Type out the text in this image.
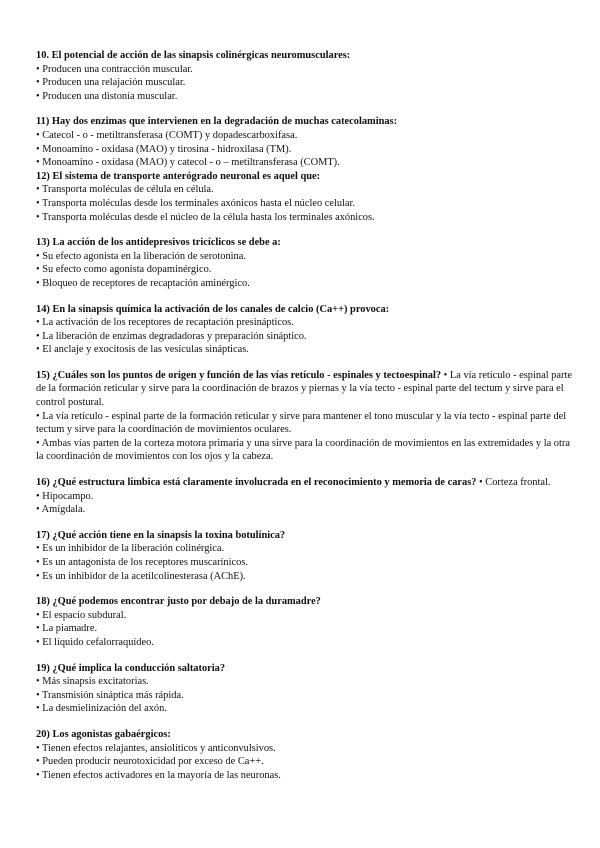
10. El potencial de acción de las sinapsis colinérgicas neuromusculares:
• Producen una contracción muscular.
• Producen una relajación muscular.
• Producen una distonía muscular.
11) Hay dos enzimas que intervienen en la degradación de muchas catecolaminas:
• Catecol - o - metiltransferasa (COMT) y dopadescarboxifasa.
• Monoamino - oxidasa (MAO) y tirosina - hidroxilasa (TM).
• Monoamino - oxidasa (MAO) y catecol - o – metiltransferasa (COMT).
12) El sistema de transporte anterógrado neuronal es aquel que:
• Transporta moléculas de célula en célula.
• Transporta moléculas desde los terminales axónicos hasta el núcleo celular.
• Transporta moléculas desde el núcleo de la célula hasta los terminales axónicos.
13) La acción de los antidepresivos tricíclicos se debe a:
• Su efecto agonista en la liberación de serotonina.
• Su efecto como agonista dopaminérgico.
• Bloqueo de receptores de recaptación aminérgico.
14) En la sinapsis química la activación de los canales de calcio (Ca++) provoca:
• La activación de los receptores de recaptación presinápticos.
• La liberación de enzimas degradadoras y preparación sináptico.
• El anclaje y exocitosis de las vesículas sinápticas.
15) ¿Cuáles son los puntos de origen y función de las vías retículo - espinales y tectoespinal? • La vía retículo - espinal parte de la formación reticular y sirve para la coordinación de brazos y piernas y la vía tecto - espinal parte del tectum y sirve para el control postural.
• La vía retículo - espinal parte de la formación reticular y sirve para mantener el tono muscular y la vía tecto - espinal parte del tectum y sirve para la coordinación de movimientos oculares.
• Ambas vías parten de la corteza motora primaria y una sirve para la coordinación de movimientos en las extremidades y la otra la coordinación de movimientos con los ojos y la cabeza.
16) ¿Qué estructura límbica está claramente involucrada en el reconocimiento y memoria de caras? • Corteza frontal.
• Hipocampo.
• Amígdala.
17) ¿Qué acción tiene en la sinapsis la toxina botulínica?
• Es un inhibidor de la liberación colinérgica.
• Es un antagonista de los receptores muscarínicos.
• Es un inhibidor de la acetilcolinesterasa (AChE).
18) ¿Qué podemos encontrar justo por debajo de la duramadre?
• El espacio subdural.
• La piamadre.
• El líquido cefalorraquídeo.
19) ¿Qué implica la conducción saltatoria?
• Más sinapsis excitatorias.
• Transmisión sináptica más rápida.
• La desmielinización del axón.
20) Los agonistas gabaérgicos:
• Tienen efectos relajantes, ansiolíticos y anticonvulsivos.
• Pueden producir neurotoxicidad por exceso de Ca++.
• Tienen efectos activadores en la mayoría de las neuronas.
